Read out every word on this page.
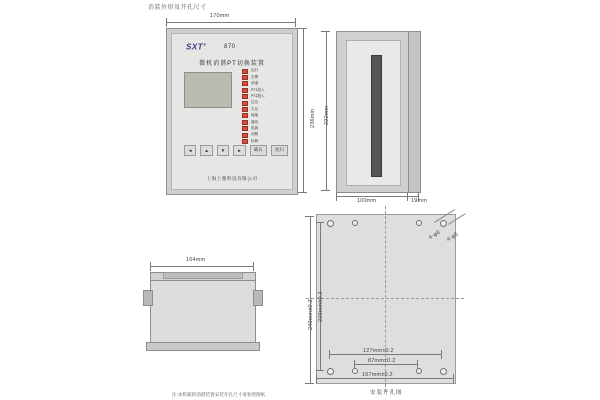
消装外形及开孔尺寸
170mm
236mm
SXT®	870
微机消谐PT切换装置
运行
告警
消谐
PT1投入
PT2投入
过压
欠压
接地
通讯
电源
闭锁
检修
◄	▲	▼	►	确认	复归
上海上雅科技有限公司
222mm
100mm	19mm
164mm
注:本机箱的消谐装置安装开孔尺寸请参照图纸
4-φ6 4-φ5
240mm±0.2 220mm±0.2
127mm±0.2
87mm±0.2
167mm±0.2
安装开孔图
